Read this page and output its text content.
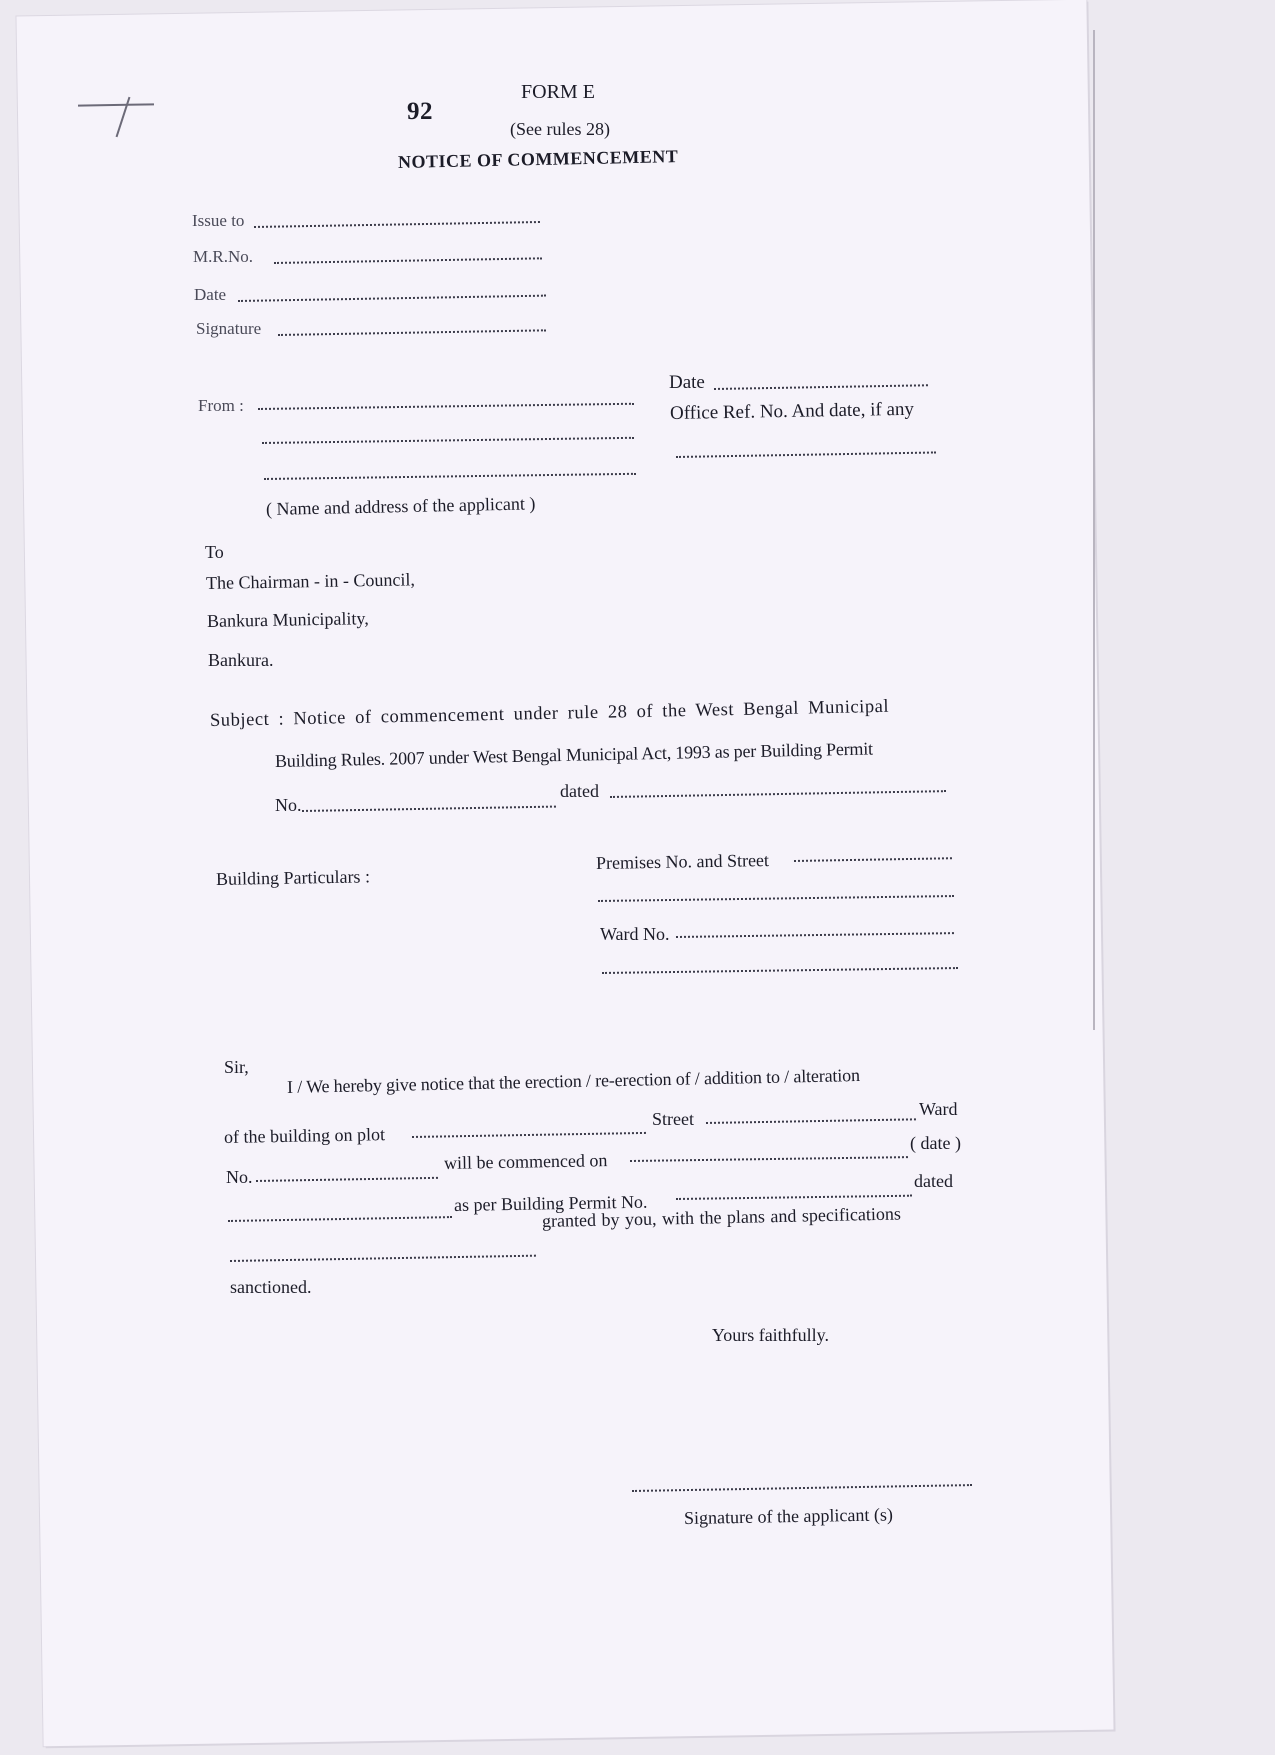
92
FORM E
(See rules 28)
NOTICE OF COMMENCEMENT
Issue to
M.R.No.
Date
Signature
From :
( Name and address of the applicant )
Date
Office Ref. No. And date, if any
To
The Chairman - in - Council,
Bankura Municipality,
Bankura.
Subject : Notice of commencement under rule 28 of the West Bengal Municipal
Building Rules. 2007 under West Bengal Municipal Act, 1993 as per Building Permit
No.
dated
Building Particulars :
Premises No. and Street
Ward No.
Sir, I / We hereby give notice that the erection / re-erection of / addition to / alteration
of the building on plot
Street	Ward
No.
will be commenced on
( date )
as per Building Permit No.
dated
granted by you, with the plans and specifications
sanctioned.
Yours faithfully.
Signature of the applicant (s)
